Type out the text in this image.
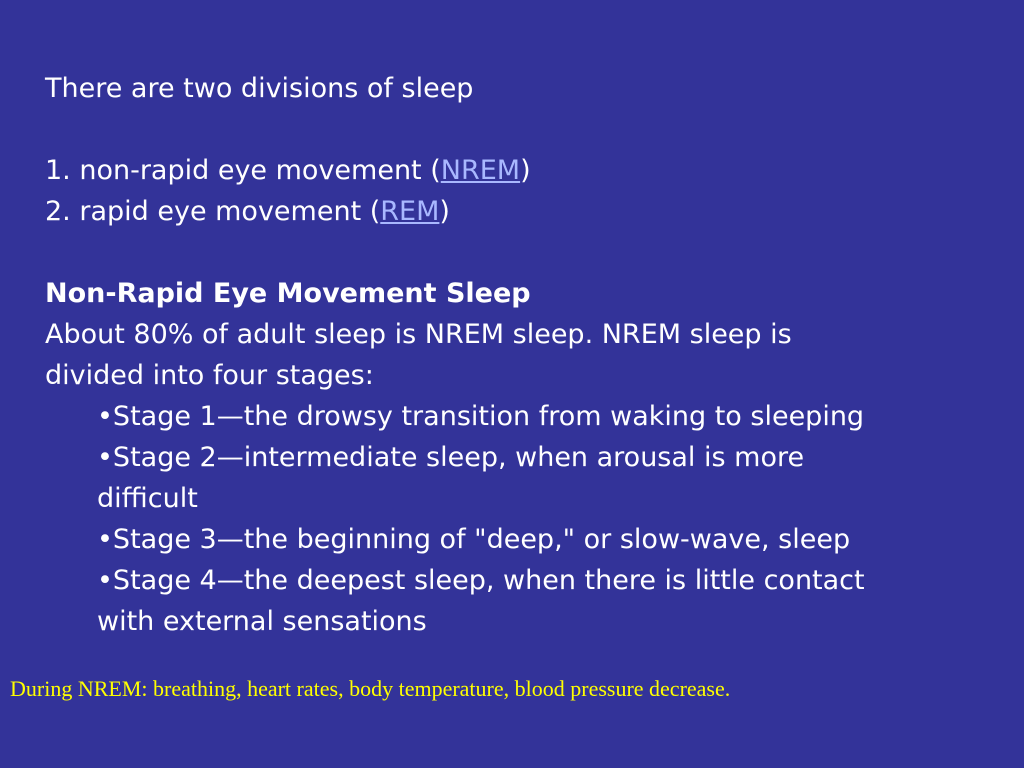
There are two divisions of sleep
1. non-rapid eye movement (NREM)
2. rapid eye movement (REM)
Non-Rapid Eye Movement Sleep
About 80% of adult sleep is NREM sleep. NREM sleep is
divided into four stages:
•Stage 1—the drowsy transition from waking to sleeping
•Stage 2—intermediate sleep, when arousal is more
difficult
•Stage 3—the beginning of "deep," or slow-wave, sleep
•Stage 4—the deepest sleep, when there is little contact
with external sensations
During NREM: breathing, heart rates, body temperature, blood pressure decrease.
